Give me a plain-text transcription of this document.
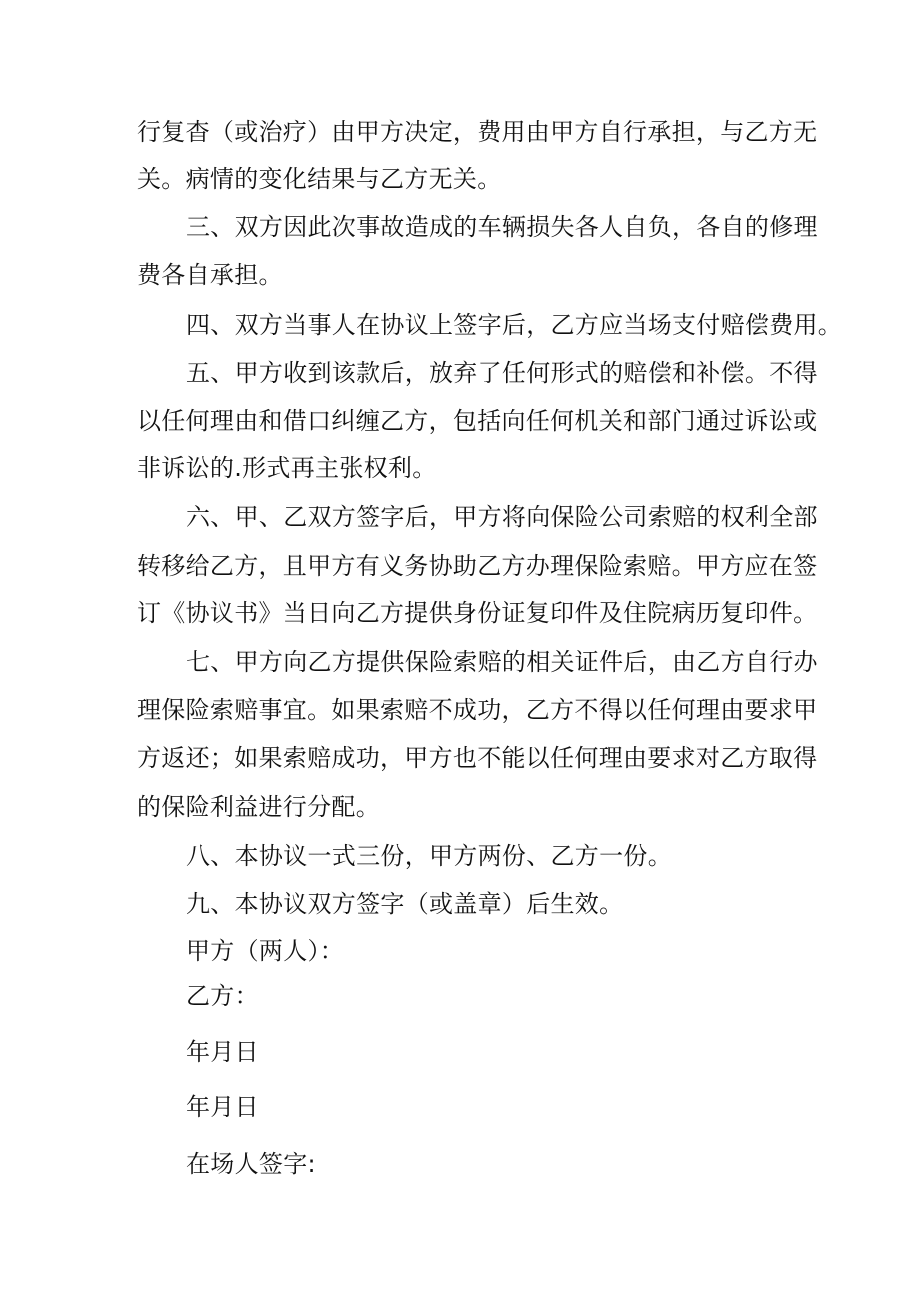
行复杳（或治疗）由甲方决定，费用由甲方自行承担，与乙方无
关。病情的变化结果与乙方无关。
三、双方因此次事故造成的车辆损失各人自负，各自的修理
费各自承担。
四、双方当事人在协议上签字后，乙方应当场支付赔偿费用。
五、甲方收到该款后，放弃了任何形式的赔偿和补偿。不得
以任何理由和借口纠缠乙方，包括向任何机关和部门通过诉讼或
非诉讼的.形式再主张权利。
六、甲、乙双方签字后，甲方将向保险公司索赔的权利全部
转移给乙方，且甲方有义务协助乙方办理保险索赔。甲方应在签
订《协议书》当日向乙方提供身份证复印件及住院病历复印件。
七、甲方向乙方提供保险索赔的相关证件后，由乙方自行办
理保险索赔事宜。如果索赔不成功，乙方不得以任何理由要求甲
方返还；如果索赔成功，甲方也不能以任何理由要求对乙方取得
的保险利益进行分配。
八、本协议一式三份，甲方两份、乙方一份。
九、本协议双方签字（或盖章）后生效。
甲方（两人）：
乙方：
年月日
年月日
在场人签字:
